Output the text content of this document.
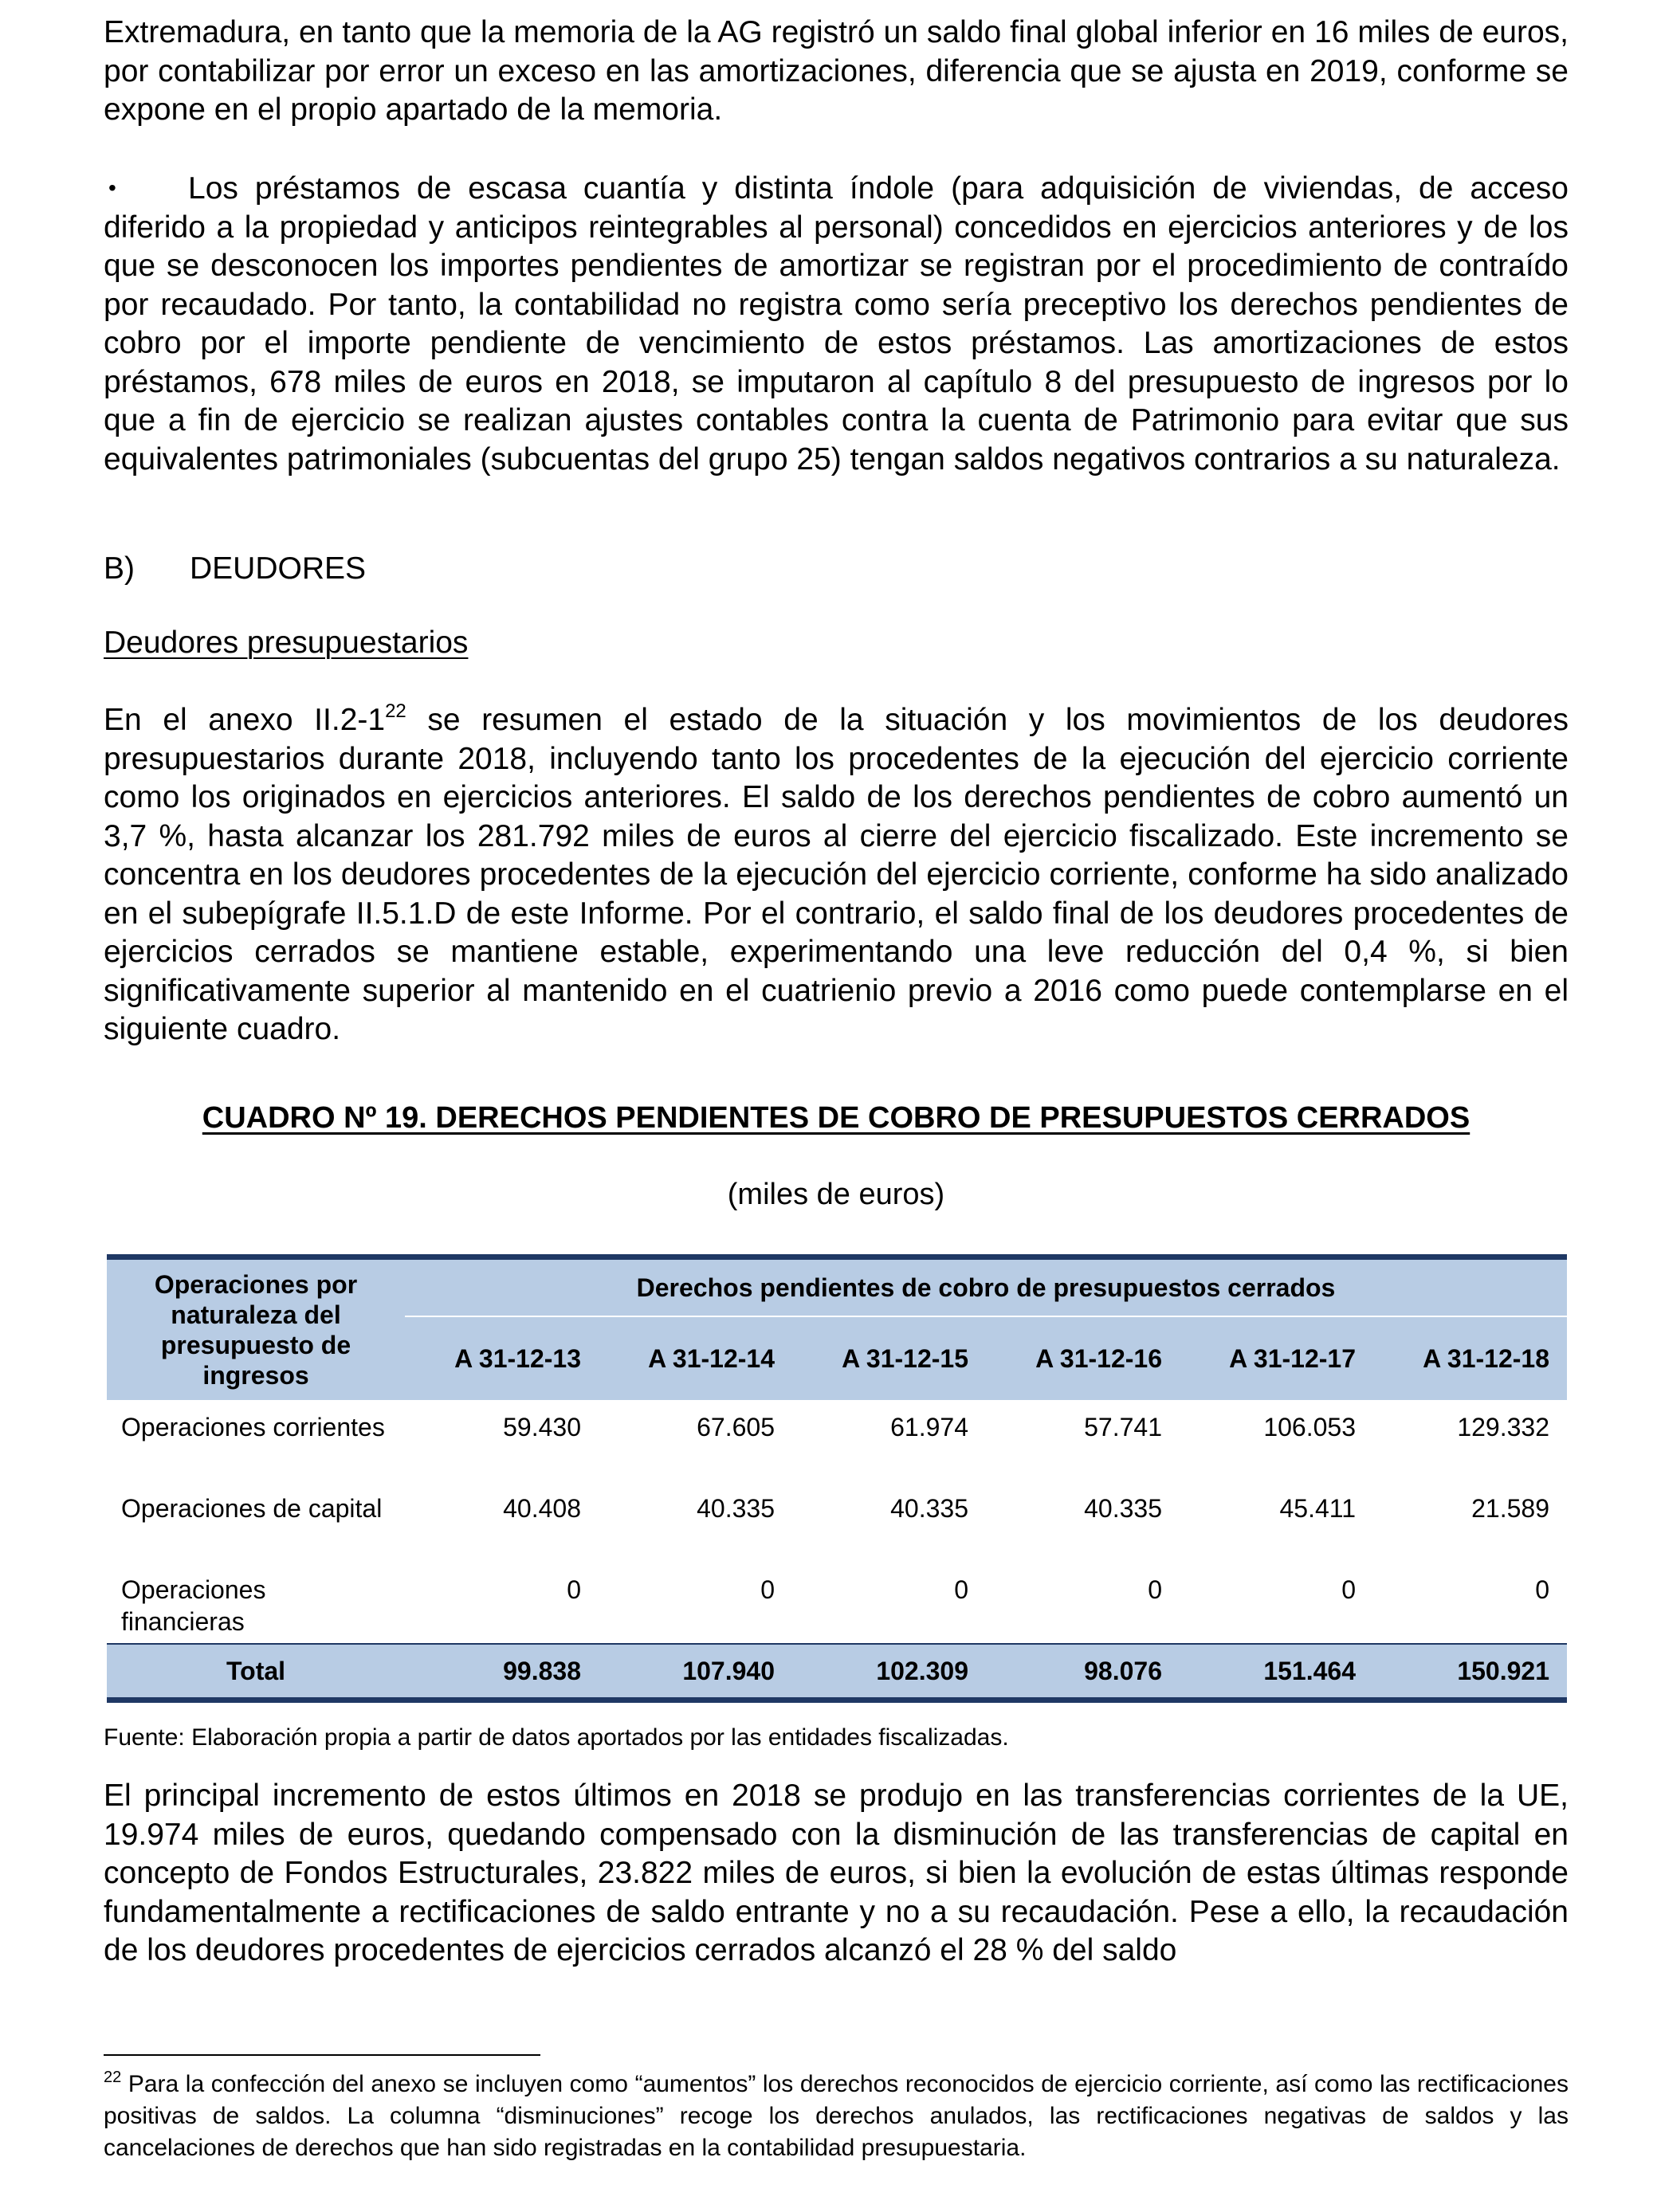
Extremadura, en tanto que la memoria de la AG registró un saldo final global inferior en 16 miles de euros, por contabilizar por error un exceso en las amortizaciones, diferencia que se ajusta en 2019, conforme se expone en el propio apartado de la memoria.

• Los préstamos de escasa cuantía y distinta índole (para adquisición de viviendas, de acceso diferido a la propiedad y anticipos reintegrables al personal) concedidos en ejercicios anteriores y de los que se desconocen los importes pendientes de amortizar se registran por el procedimiento de contraído por recaudado. Por tanto, la contabilidad no registra como sería preceptivo los derechos pendientes de cobro por el importe pendiente de vencimiento de estos préstamos. Las amortizaciones de estos préstamos, 678 miles de euros en 2018, se imputaron al capítulo 8 del presupuesto de ingresos por lo que a fin de ejercicio se realizan ajustes contables contra la cuenta de Patrimonio para evitar que sus equivalentes patrimoniales (subcuentas del grupo 25) tengan saldos negativos contrarios a su naturaleza.

B) DEUDORES
Deudores presupuestarios

En el anexo $II.2-1^{22}$ se resumen el estado de la situación y los movimientos de los deudores presupuestarios durante 2018, incluyendo tanto los procedentes de la ejecución del ejercicio corriente como los originados en ejercicios anteriores. El saldo de los derechos pendientes de cobro aumentó un 3,7 %, hasta alcanzar los 281.792 miles de euros al cierre del ejercicio fiscalizado. Este incremento se concentra en los deudores procedentes de la ejecución del ejercicio corriente, conforme ha sido analizado en el subepígrafe II.5.1.D de este Informe. Por el contrario, el saldo final de los deudores procedentes de ejercicios cerrados se mantiene estable, experimentando una leve reducción del 0,4 %, si bien significativamente superior al mantenido en el cuatrienio previo a 2016 como puede contemplarse en el siguiente cuadro.

CUADRO Nº 19. DERECHOS PENDIENTES DE COBRO DE PRESUPUESTOS CERRADOS
(miles de euros)
Operaciones por naturaleza del presupuesto de ingresos	Derechos pendientes de cobro de presupuestos cerrados					
	A 31-12-13	A 31-12-14	A 31-12-15	A 31-12-16	A 31-12-17	A 31-12-18
Operaciones corrientes	59.430	67.605	61.974	57.741	106.053	129.332
Operaciones de capital	40.408	40.335	40.335	40.335	45.411	21.589
Operaciones financieras	0	0	0	0	0	0
Total	99.838	107.940	102.309	98.076	151.464	150.921
Fuente: Elaboración propia a partir de datos aportados por las entidades fiscalizadas.

El principal incremento de estos últimos en 2018 se produjo en las transferencias corrientes de la UE, 19.974 miles de euros, quedando compensado con la disminución de las transferencias de capital en concepto de Fondos Estructurales, 23.822 miles de euros, si bien la evolución de estas últimas responde fundamentalmente a rectificaciones de saldo entrante y no a su recaudación. Pese a ello, la recaudación de los deudores procedentes de ejercicios cerrados alcanzó el 28 % del saldo

$^{22}$ Para la confección del anexo se incluyen como “aumentos” los derechos reconocidos de ejercicio corriente, así como las rectificaciones positivas de saldos. La columna “disminuciones” recoge los derechos anulados, las rectificaciones negativas de saldos y las cancelaciones de derechos que han sido registradas en la contabilidad presupuestaria.
